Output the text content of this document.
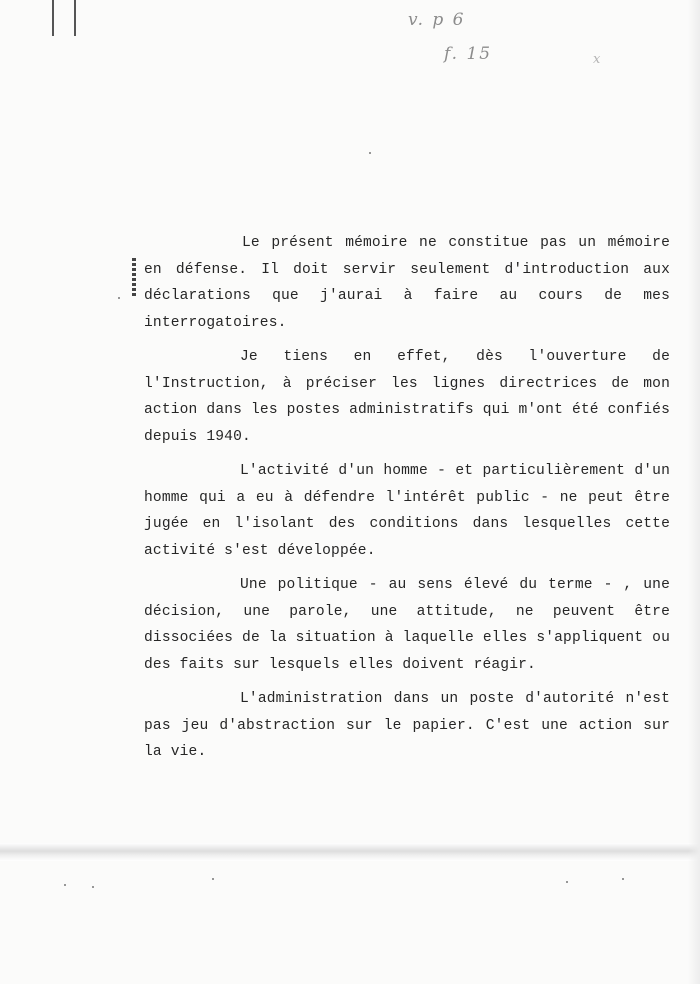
v. p 6
f. 15	x

Le présent mémoire ne constitue pas un mémoire en défense. Il doit servir seulement d'introduction aux déclarations que j'aurai à faire au cours de mes interrogatoires.

Je tiens en effet, dès l'ouverture de l'Instruction, à préciser les lignes directrices de mon action dans les postes administratifs qui m'ont été confiés depuis 1940.

L'activité d'un homme - et particulièrement d'un homme qui a eu à défendre l'intérêt public - ne peut être jugée en l'isolant des conditions dans lesquelles cette activité s'est développée.

Une politique - au sens élevé du terme - , une décision, une parole, une attitude, ne peuvent être dissociées de la situation à laquelle elles s'appliquent ou des faits sur lesquels elles doivent réagir.

L'administration dans un poste d'autorité n'est pas jeu d'abstraction sur le papier. C'est une action sur la vie.
